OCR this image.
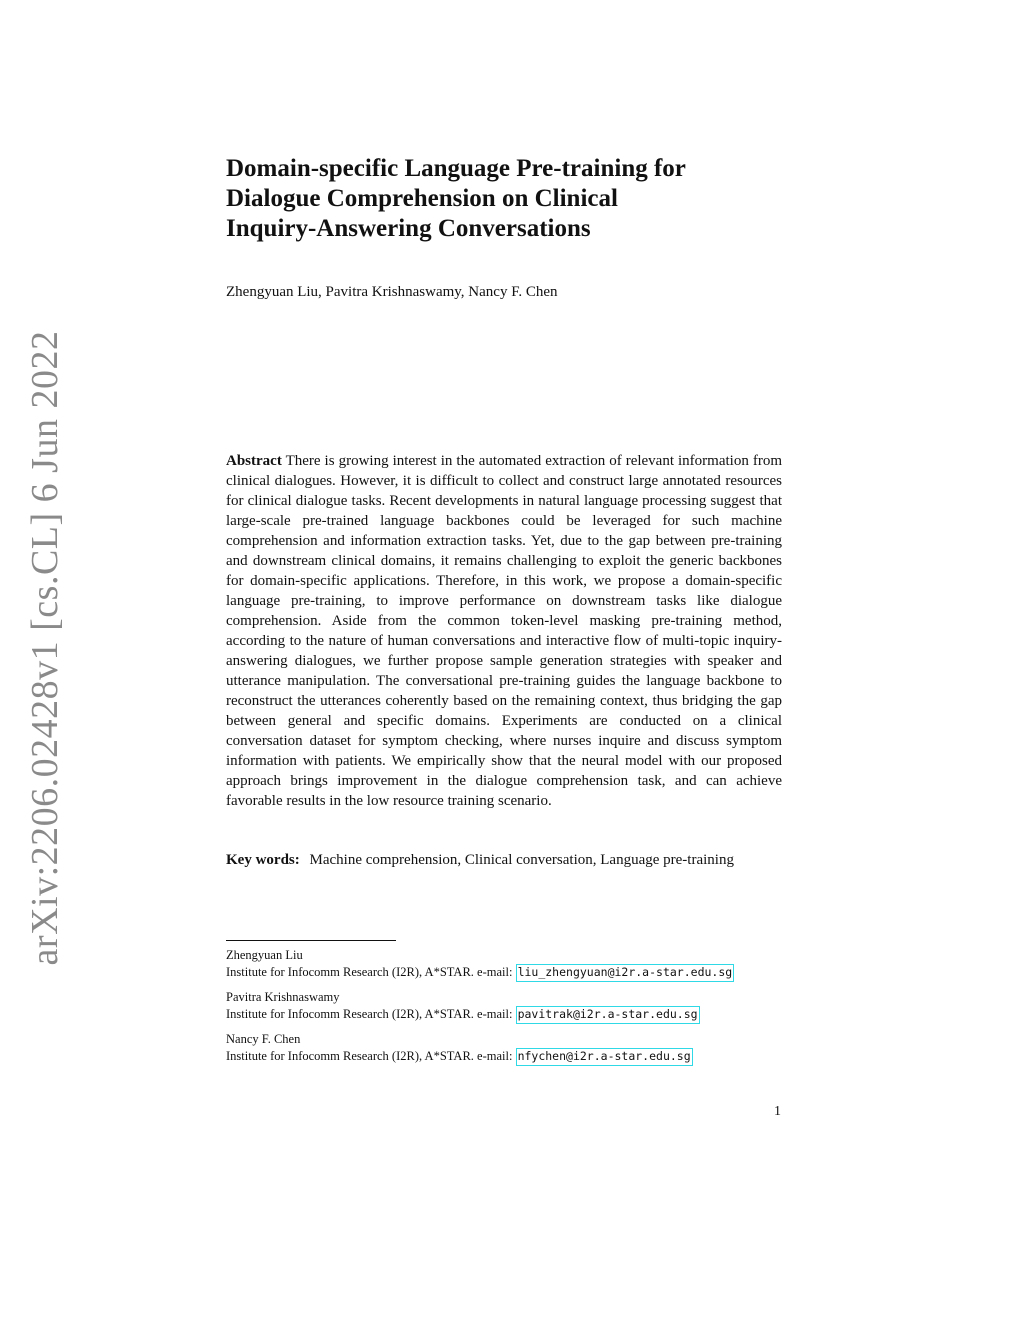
arXiv:2206.02428v1 [cs.CL] 6 Jun 2022
Domain-specific Language Pre-training for
Dialogue Comprehension on Clinical
Inquiry-Answering Conversations
Zhengyuan Liu, Pavitra Krishnaswamy, Nancy F. Chen

Abstract There is growing interest in the automated extraction of relevant information from clinical dialogues. However, it is difficult to collect and construct large annotated resources for clinical dialogue tasks. Recent developments in natural language processing suggest that large-scale pre-trained language backbones could be leveraged for such machine comprehension and information extraction tasks. Yet, due to the gap between pre-training and downstream clinical domains, it remains challenging to exploit the generic backbones for domain-specific applications. Therefore, in this work, we propose a domain-specific language pre-training, to improve performance on downstream tasks like dialogue comprehension. Aside from the common token-level masking pre-training method, according to the nature of human conversations and interactive flow of multi-topic inquiry-answering dialogues, we further propose sample generation strategies with speaker and utterance manipulation. The conversational pre-training guides the language backbone to reconstruct the utterances coherently based on the remaining context, thus bridging the gap between general and specific domains. Experiments are conducted on a clinical conversation dataset for symptom checking, where nurses inquire and discuss symptom information with patients. We empirically show that the neural model with our proposed approach brings improvement in the dialogue comprehension task, and can achieve favorable results in the low resource training scenario.

Key words: Machine comprehension, Clinical conversation, Language pre-training
Zhengyuan Liu
Institute for Infocomm Research (I2R), A*STAR. e-mail: liu_zhengyuan@i2r.a-star.edu.sg
Pavitra Krishnaswamy
Institute for Infocomm Research (I2R), A*STAR. e-mail: pavitrak@i2r.a-star.edu.sg
Nancy F. Chen
Institute for Infocomm Research (I2R), A*STAR. e-mail: nfychen@i2r.a-star.edu.sg
1
